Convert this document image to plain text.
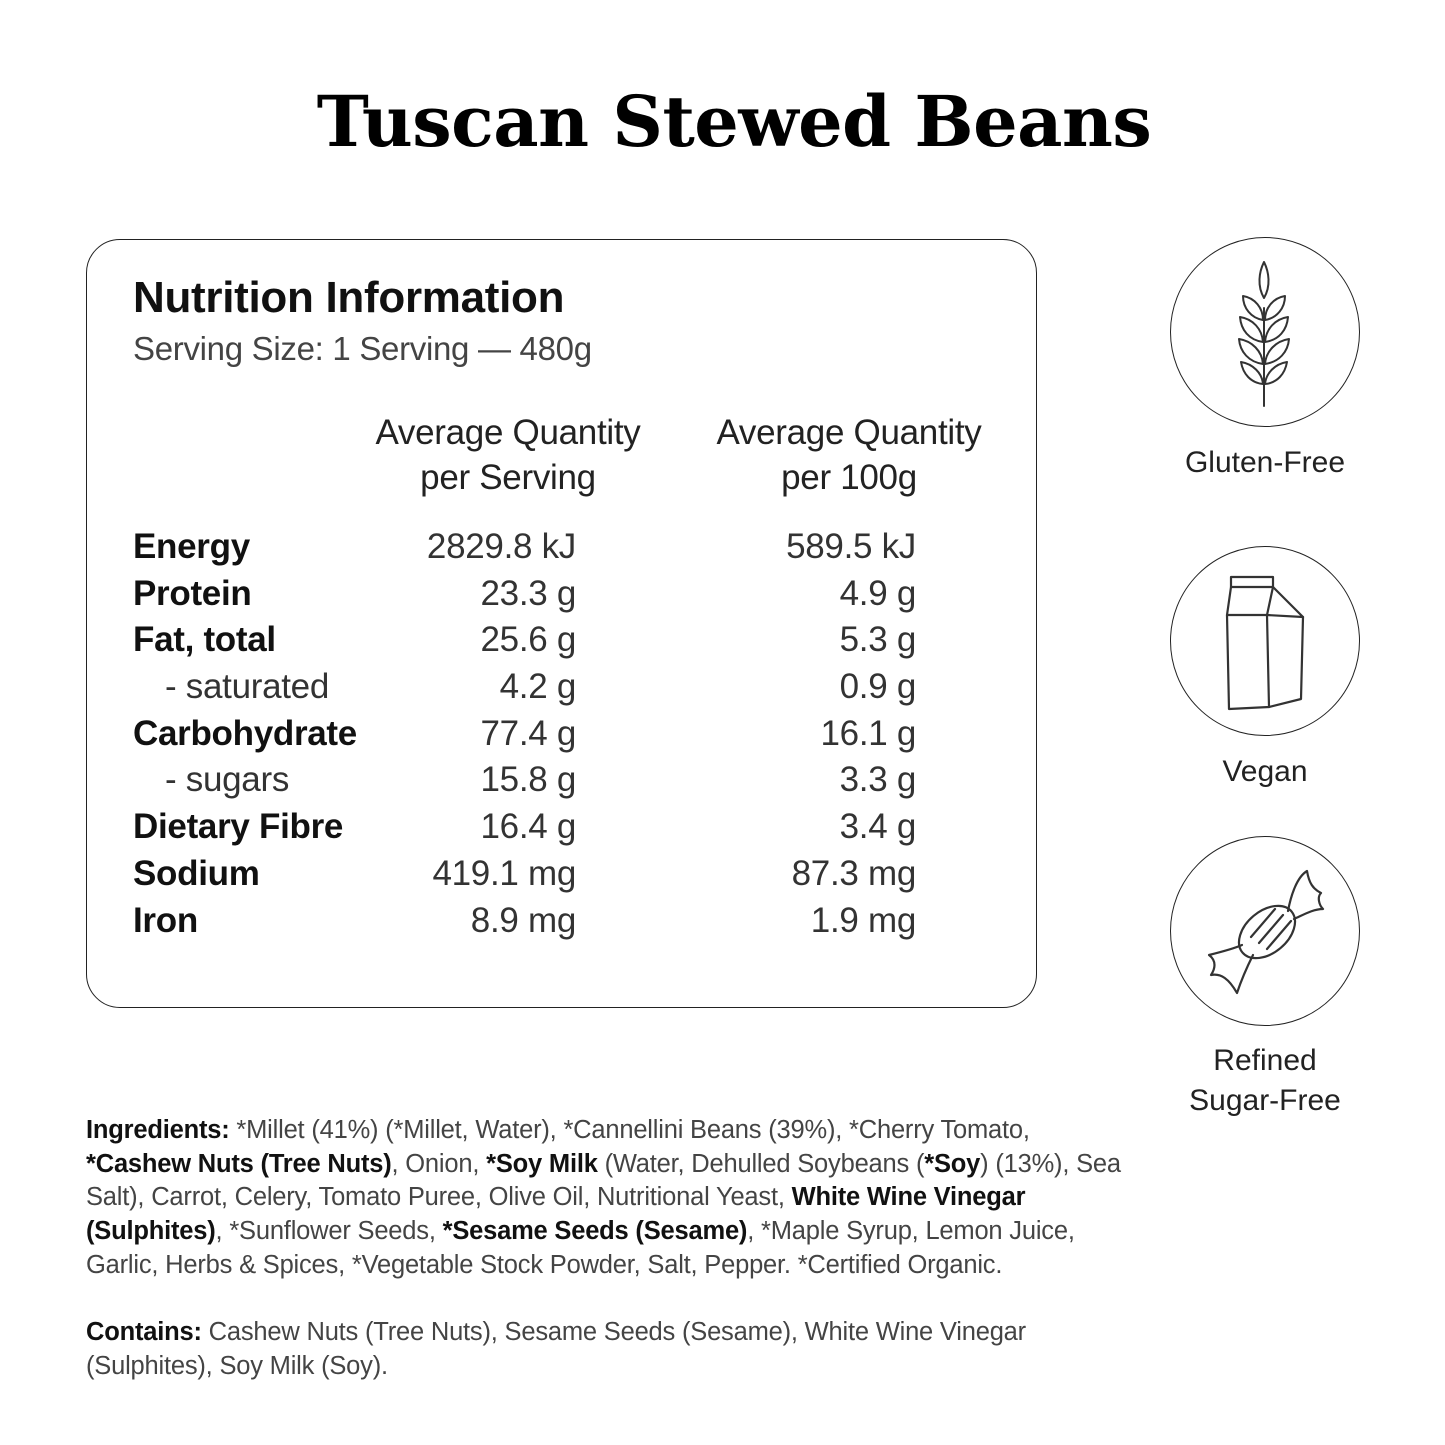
Tuscan Stewed Beans
Nutrition Information
Serving Size: 1 Serving — 480g
Average Quantity
per Serving
Average Quantity
per 100g
Energy	2829.8 kJ	589.5 kJ
Protein	23.3 g	4.9 g
Fat, total	25.6 g	5.3 g
- saturated	4.2 g	0.9 g
Carbohydrate	77.4 g	16.1 g
- sugars	15.8 g	3.3 g
Dietary Fibre	16.4 g	3.4 g
Sodium	419.1 mg	87.3 mg
Iron	8.9 mg	1.9 mg
Gluten-Free
Vegan
Refined
Sugar-Free
Ingredients: *Millet (41%) (*Millet, Water), *Cannellini Beans (39%), *Cherry Tomato, *Cashew Nuts (Tree Nuts), Onion, *Soy Milk (Water, Dehulled Soybeans (*Soy) (13%), Sea Salt), Carrot, Celery, Tomato Puree, Olive Oil, Nutritional Yeast, White Wine Vinegar (Sulphites), *Sunflower Seeds, *Sesame Seeds (Sesame), *Maple Syrup, Lemon Juice, Garlic, Herbs & Spices, *Vegetable Stock Powder, Salt, Pepper. *Certified Organic.
Contains: Cashew Nuts (Tree Nuts), Sesame Seeds (Sesame), White Wine Vinegar (Sulphites), Soy Milk (Soy).
